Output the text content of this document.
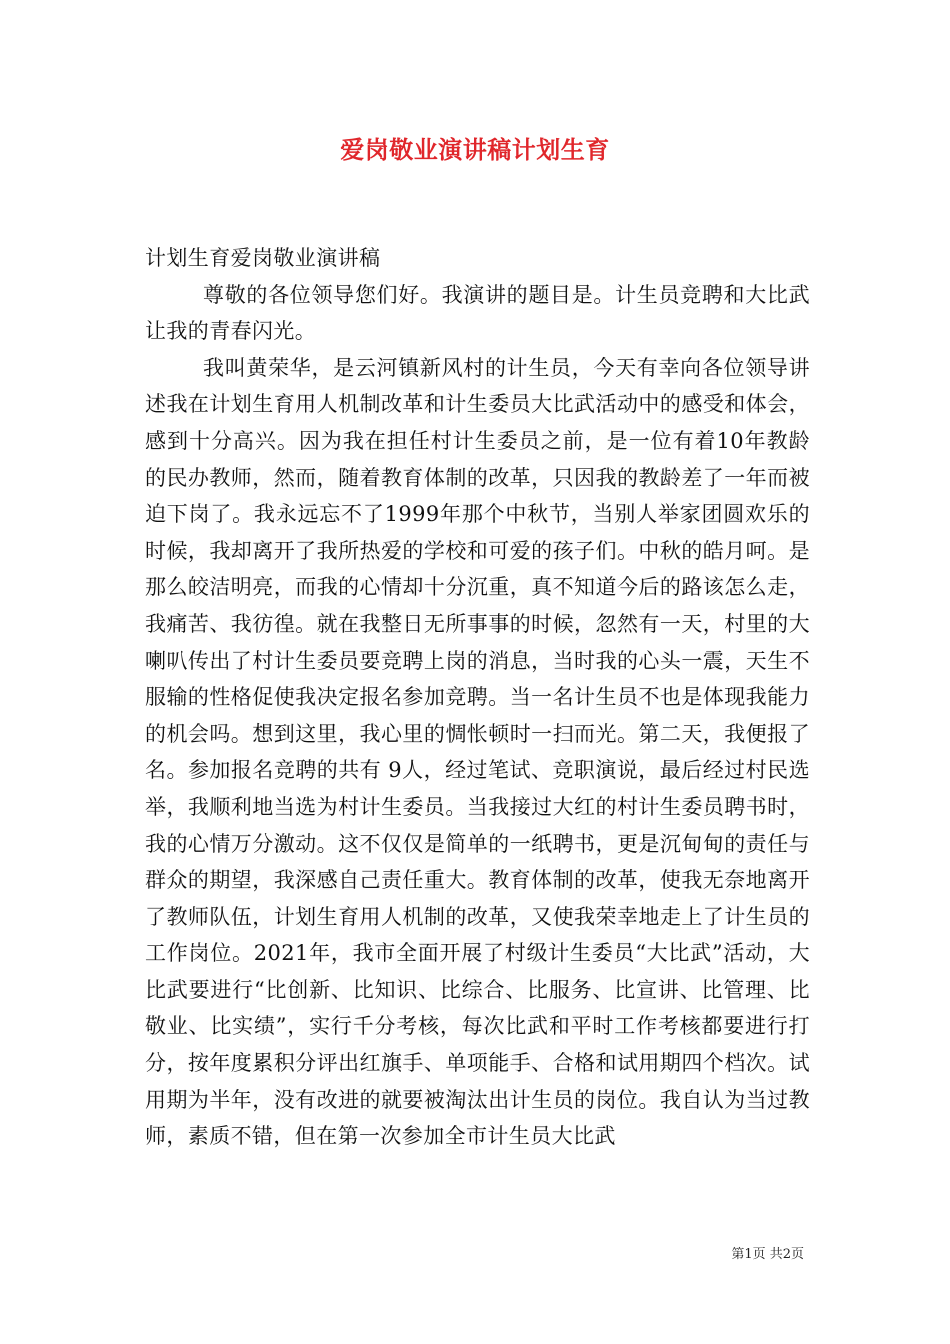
爱岗敬业演讲稿计划生育

计划生育爱岗敬业演讲稿

尊敬的各位领导您们好。我演讲的题目是。计生员竞聘和大比武让我的青春闪光。

我叫黄荣华，是云河镇新风村的计生员，今天有幸向各位领导讲述我在计划生育用人机制改革和计生委员大比武活动中的感受和体会，感到十分高兴。因为我在担任村计生委员之前，是一位有着10年教龄的民办教师，然而，随着教育体制的改革，只因我的教龄差了一年而被迫下岗了。我永远忘不了1999年那个中秋节，当别人举家团圆欢乐的时候，我却离开了我所热爱的学校和可爱的孩子们。中秋的皓月呵。是那么皎洁明亮，而我的心情却十分沉重，真不知道今后的路该怎么走，我痛苦、我彷徨。就在我整日无所事事的时候，忽然有一天，村里的大喇叭传出了村计生委员要竞聘上岗的消息，当时我的心头一震，天生不服输的性格促使我决定报名参加竞聘。当一名计生员不也是体现我能力的机会吗。想到这里，我心里的惆怅顿时一扫而光。第二天，我便报了名。参加报名竞聘的共有 9人，经过笔试、竞职演说，最后经过村民选举，我顺利地当选为村计生委员。当我接过大红的村计生委员聘书时，我的心情万分激动。这不仅仅是简单的一纸聘书，更是沉甸甸的责任与群众的期望，我深感自己责任重大。教育体制的改革，使我无奈地离开了教师队伍，计划生育用人机制的改革，又使我荣幸地走上了计生员的工作岗位。2021年，我市全面开展了村级计生委员“大比武”活动，大比武要进行“比创新、比知识、比综合、比服务、比宣讲、比管理、比敬业、比实绩”，实行千分考核，每次比武和平时工作考核都要进行打分，按年度累积分评出红旗手、单项能手、合格和试用期四个档次。试用期为半年，没有改进的就要被淘汰出计生员的岗位。我自认为当过教师，素质不错，但在第一次参加全市计生员大比武

第1页 共2页
